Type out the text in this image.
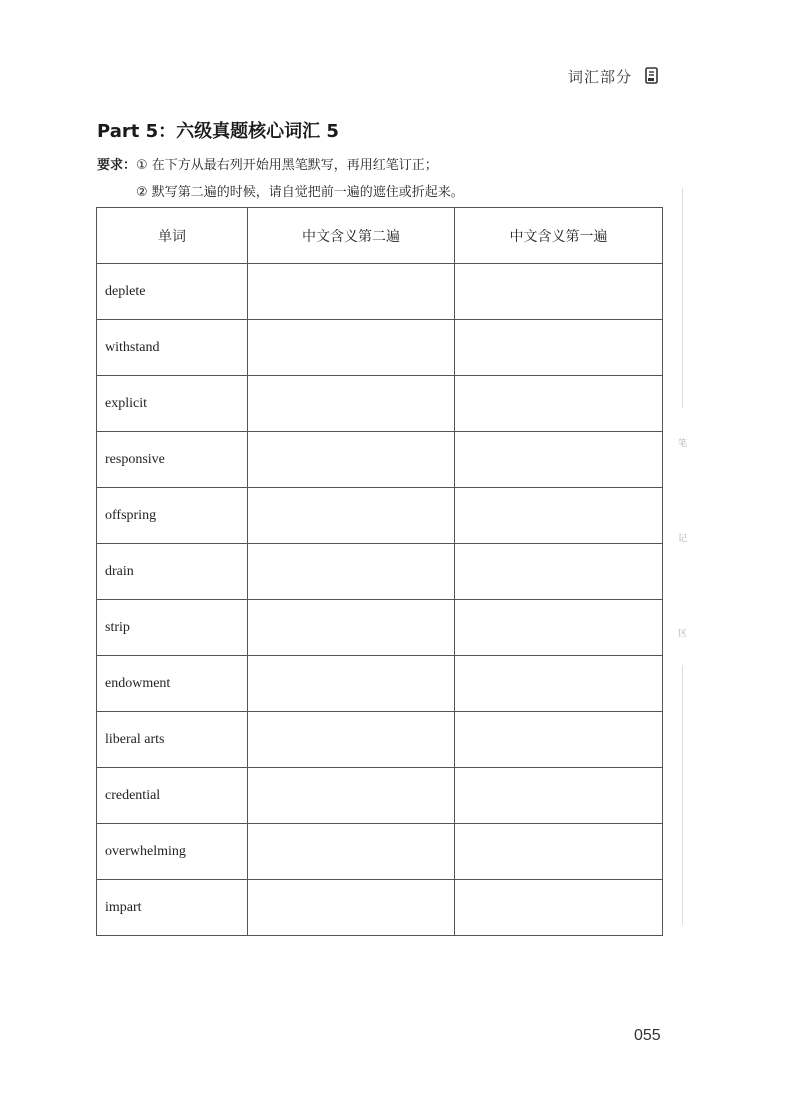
词汇部分
Part 5：六级真题核心词汇 5
要求：① 在下方从最右列开始用黑笔默写，再用红笔订正；
② 默写第二遍的时候，请自觉把前一遍的遮住或折起来。
单词	中文含义第二遍	中文含义第一遍
deplete		
withstand		
explicit		
responsive		
offspring		
drain		
strip		
endowment		
liberal arts		
credential		
overwhelming		
impart		
笔
记
区
055
